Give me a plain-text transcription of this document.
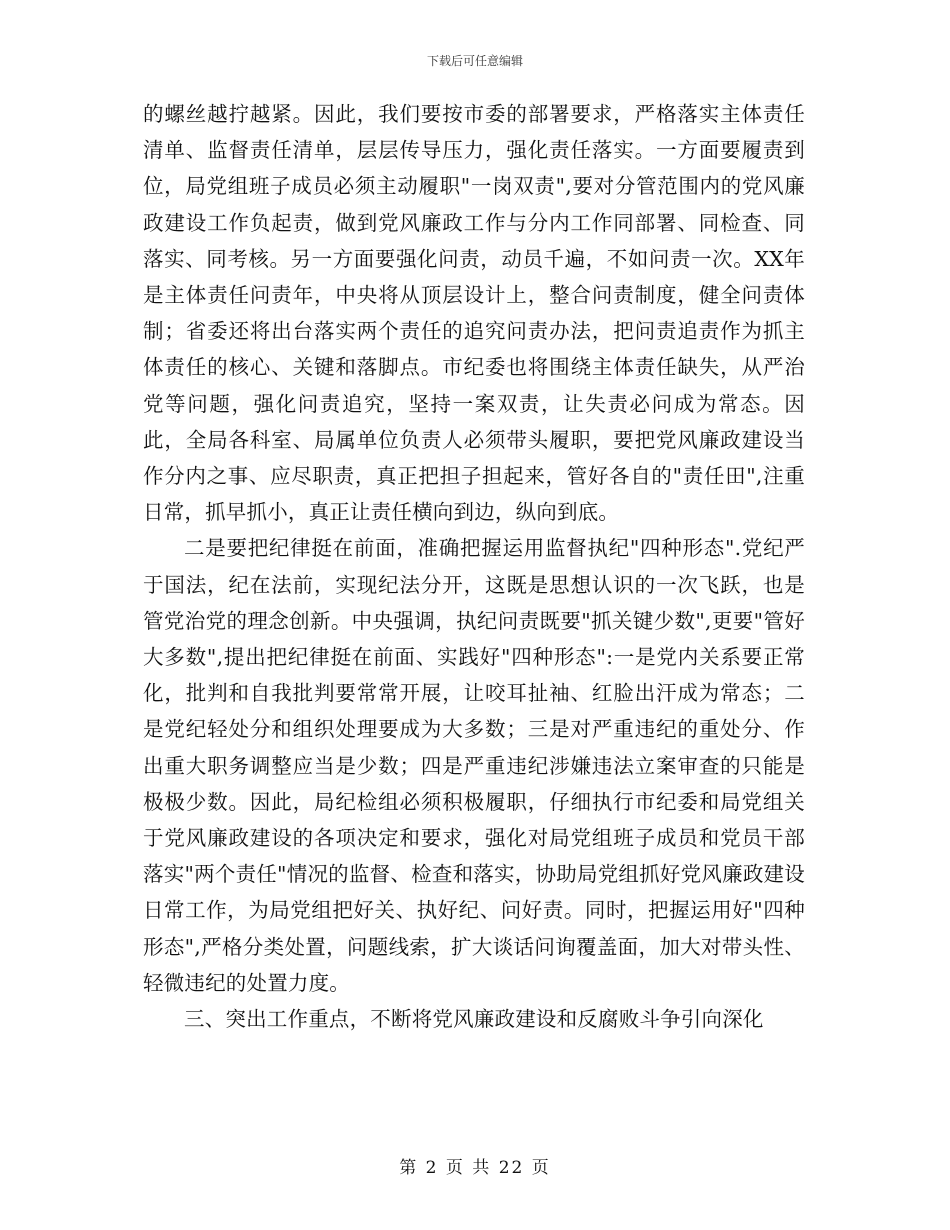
下载后可任意编辑

的螺丝越拧越紧。因此，我们要按市委的部署要求，严格落实主体责任清单、监督责任清单，层层传导压力，强化责任落实。一方面要履责到位，局党组班子成员必须主动履职"一岗双责",要对分管范围内的党风廉政建设工作负起责，做到党风廉政工作与分内工作同部署、同检查、同落实、同考核。另一方面要强化问责，动员千遍，不如问责一次。XX年是主体责任问责年，中央将从顶层设计上，整合问责制度，健全问责体制；省委还将出台落实两个责任的追究问责办法，把问责追责作为抓主体责任的核心、关键和落脚点。市纪委也将围绕主体责任缺失，从严治党等问题，强化问责追究，坚持一案双责，让失责必问成为常态。因此，全局各科室、局属单位负责人必须带头履职，要把党风廉政建设当作分内之事、应尽职责，真正把担子担起来，管好各自的"责任田",注重日常，抓早抓小，真正让责任横向到边，纵向到底。

二是要把纪律挺在前面，准确把握运用监督执纪"四种形态".党纪严于国法，纪在法前，实现纪法分开，这既是思想认识的一次飞跃，也是管党治党的理念创新。中央强调，执纪问责既要"抓关键少数",更要"管好大多数",提出把纪律挺在前面、实践好"四种形态":一是党内关系要正常化，批判和自我批判要常常开展，让咬耳扯袖、红脸出汗成为常态；二是党纪轻处分和组织处理要成为大多数；三是对严重违纪的重处分、作出重大职务调整应当是少数；四是严重违纪涉嫌违法立案审查的只能是极极少数。因此，局纪检组必须积极履职，仔细执行市纪委和局党组关于党风廉政建设的各项决定和要求，强化对局党组班子成员和党员干部落实"两个责任"情况的监督、检查和落实，协助局党组抓好党风廉政建设日常工作，为局党组把好关、执好纪、问好责。同时，把握运用好"四种形态",严格分类处置，问题线索，扩大谈话问询覆盖面，加大对带头性、轻微违纪的处置力度。

三、突出工作重点，不断将党风廉政建设和反腐败斗争引向深化

第 2 页 共 22 页
